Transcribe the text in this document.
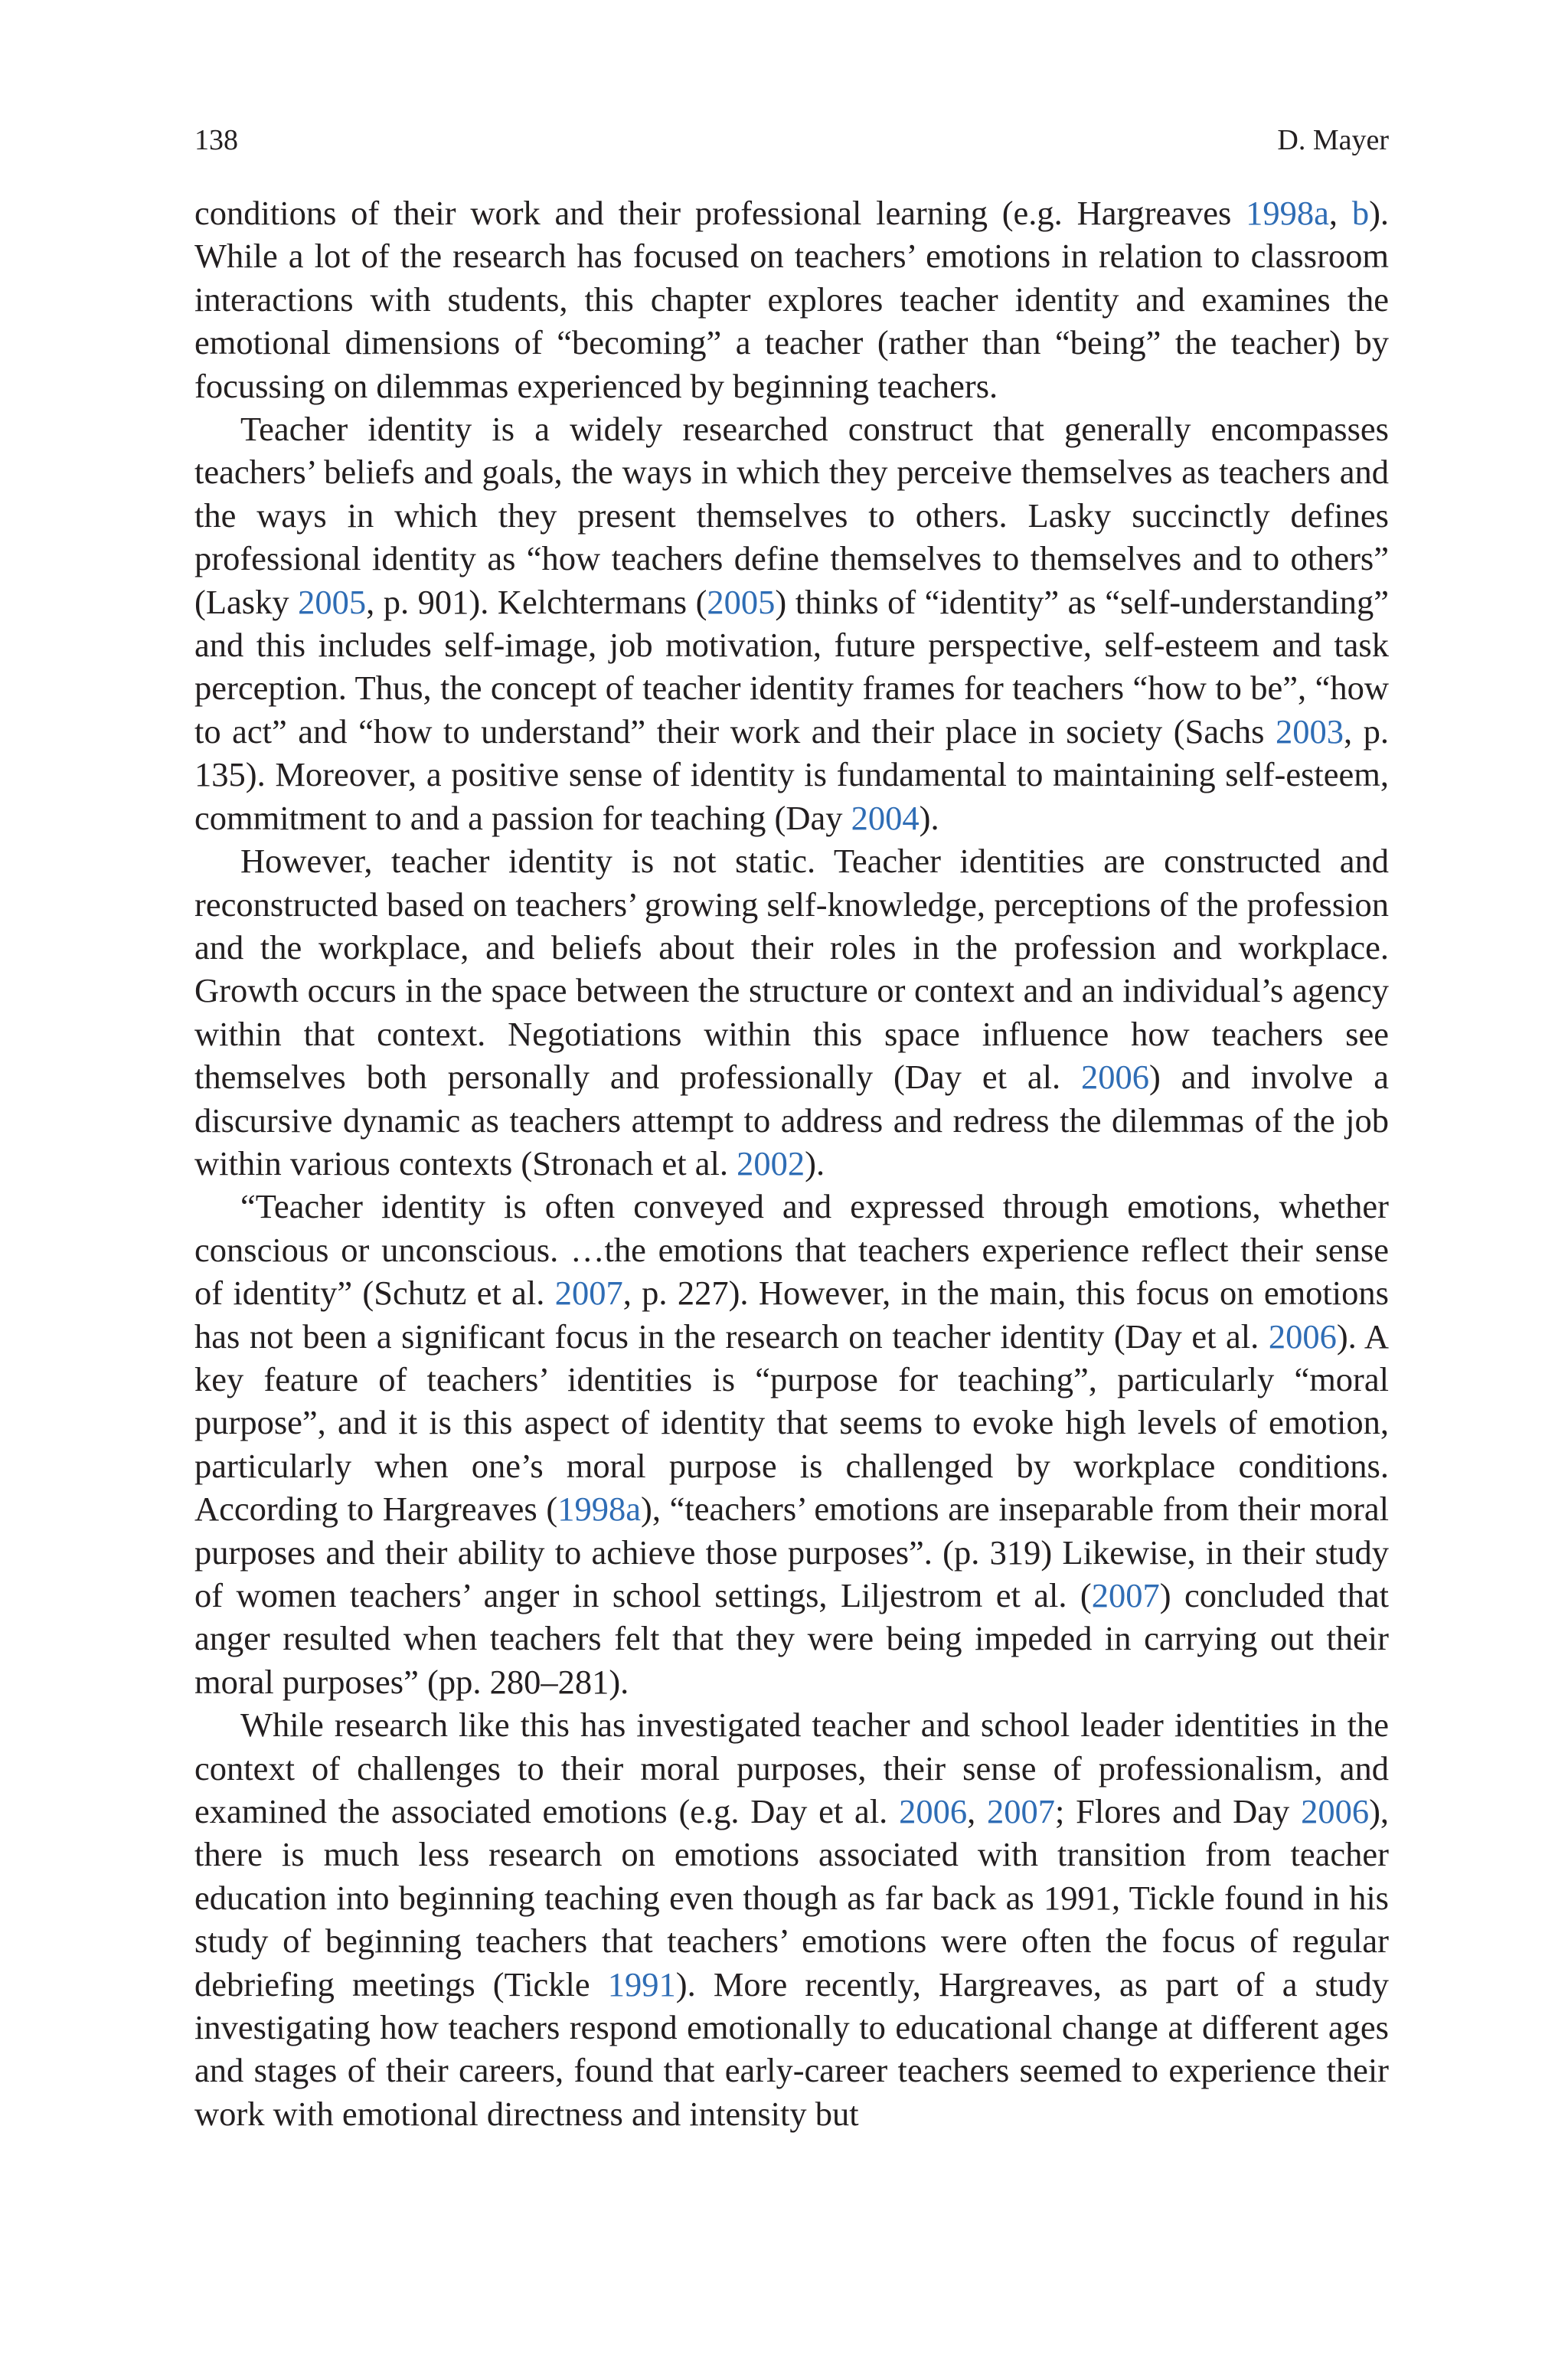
138	D. Mayer

conditions of their work and their professional learning (e.g. Hargreaves 1998a, b). While a lot of the research has focused on teachers’ emotions in relation to classroom interactions with students, this chapter explores teacher identity and examines the emotional dimensions of “becoming” a teacher (rather than “being” the teacher) by focussing on dilemmas experienced by beginning teachers.

Teacher identity is a widely researched construct that generally encompasses teachers’ beliefs and goals, the ways in which they perceive themselves as teachers and the ways in which they present themselves to others. Lasky succinctly defines professional identity as “how teachers define themselves to themselves and to others” (Lasky 2005, p. 901). Kelchtermans (2005) thinks of “identity” as “self-understanding” and this includes self-image, job motivation, future perspective, self-esteem and task perception. Thus, the concept of teacher identity frames for teachers “how to be”, “how to act” and “how to understand” their work and their place in society (Sachs 2003, p. 135). Moreover, a positive sense of identity is fundamental to maintaining self-esteem, commitment to and a passion for teaching (Day 2004).

However, teacher identity is not static. Teacher identities are constructed and reconstructed based on teachers’ growing self-knowledge, perceptions of the profession and the workplace, and beliefs about their roles in the profession and workplace. Growth occurs in the space between the structure or context and an individual’s agency within that context. Negotiations within this space influence how teachers see themselves both personally and professionally (Day et al. 2006) and involve a discursive dynamic as teachers attempt to address and redress the dilemmas of the job within various contexts (Stronach et al. 2002).

“Teacher identity is often conveyed and expressed through emotions, whether conscious or unconscious. …the emotions that teachers experience reflect their sense of identity” (Schutz et al. 2007, p. 227). However, in the main, this focus on emotions has not been a significant focus in the research on teacher identity (Day et al. 2006). A key feature of teachers’ identities is “purpose for teaching”, particularly “moral purpose”, and it is this aspect of identity that seems to evoke high levels of emotion, particularly when one’s moral purpose is challenged by workplace conditions. According to Hargreaves (1998a), “teachers’ emotions are inseparable from their moral purposes and their ability to achieve those purposes”. (p. 319) Likewise, in their study of women teachers’ anger in school settings, Liljestrom et al. (2007) concluded that anger resulted when teachers felt that they were being impeded in carrying out their moral purposes” (pp. 280–281).

While research like this has investigated teacher and school leader identities in the context of challenges to their moral purposes, their sense of professionalism, and examined the associated emotions (e.g. Day et al. 2006, 2007; Flores and Day 2006), there is much less research on emotions associated with transition from teacher education into beginning teaching even though as far back as 1991, Tickle found in his study of beginning teachers that teachers’ emotions were often the focus of regular debriefing meetings (Tickle 1991). More recently, Hargreaves, as part of a study investigating how teachers respond emotionally to educational change at different ages and stages of their careers, found that early-career teachers seemed to experience their work with emotional directness and intensity but
